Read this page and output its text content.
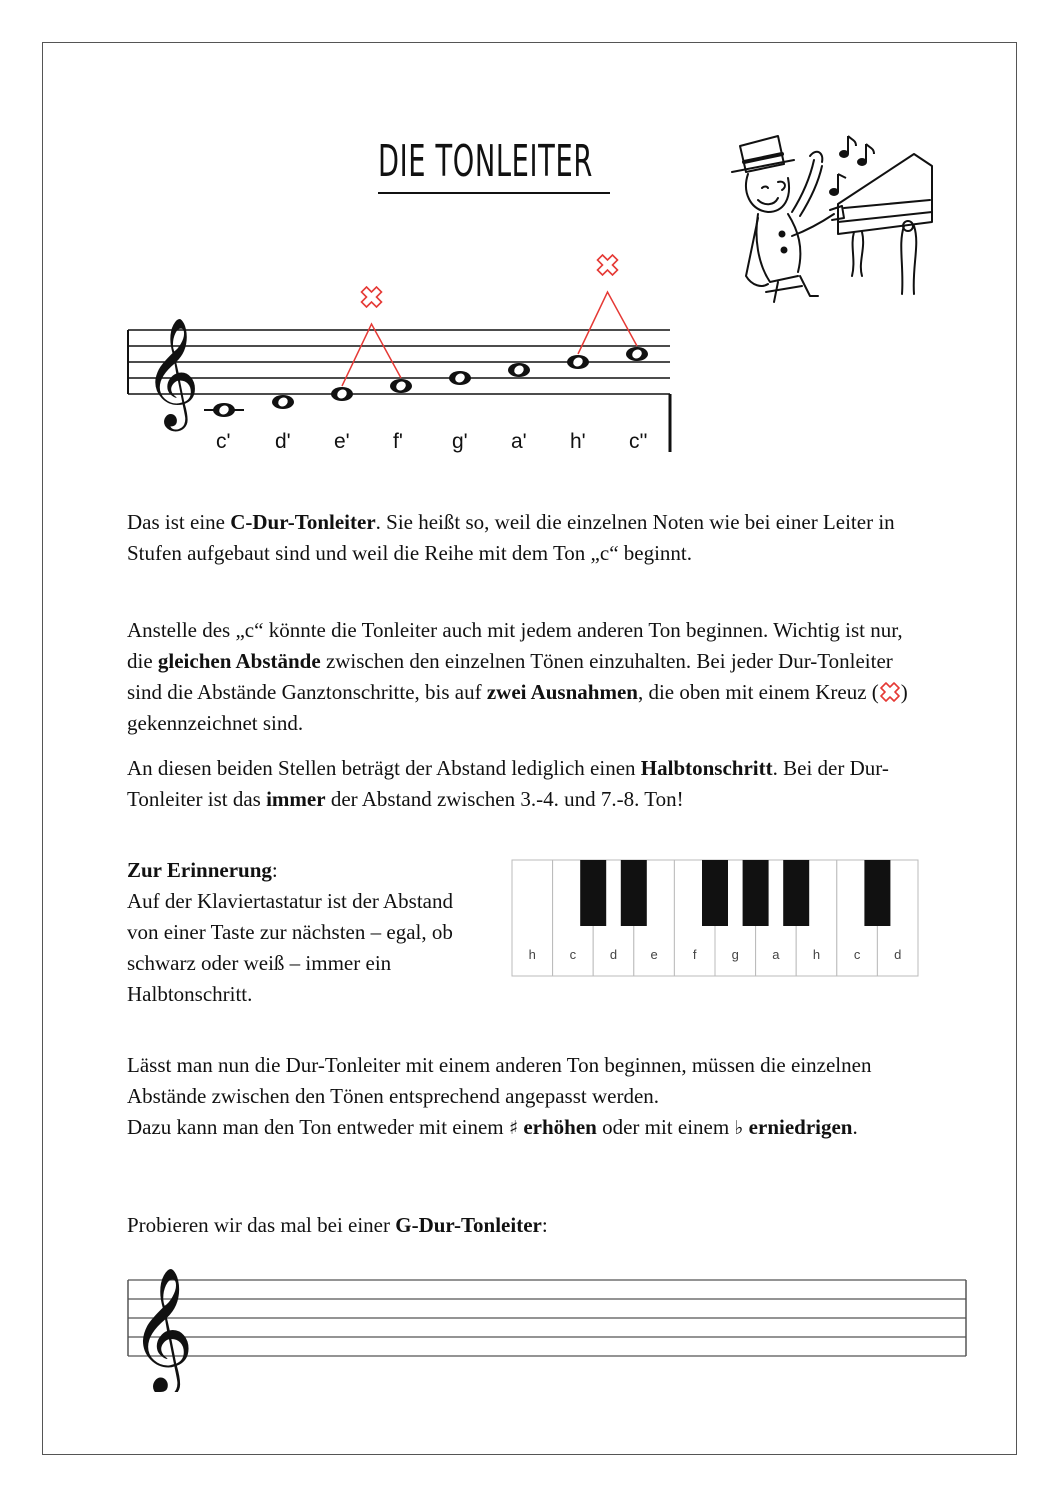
DIE TONLEITER
𝄞
c' d' e' f' g' a' h' c''

Das ist eine C-Dur-Tonleiter. Sie heißt so, weil die einzelnen Noten wie bei einer Leiter in Stufen aufgebaut sind und weil die Reihe mit dem Ton „c“ beginnt.

Anstelle des „c“ könnte die Tonleiter auch mit jedem anderen Ton beginnen. Wichtig ist nur, die gleichen Abstände zwischen den einzelnen Tönen einzuhalten. Bei jeder Dur-Tonleiter sind die Abstände Ganztonschritte, bis auf zwei Ausnahmen, die oben mit einem Kreuz ( ) gekennzeichnet sind.

An diesen beiden Stellen beträgt der Abstand lediglich einen Halbtonschritt. Bei der Dur-Tonleiter ist das immer der Abstand zwischen 3.-4. und 7.-8. Ton!

Zur Erinnerung:

Auf der Klaviertastatur ist der Abstand von einer Taste zur nächsten – egal, ob schwarz oder weiß – immer ein Halbtonschritt.

h	c	d	e	f	g	a	h	c	d

Lässt man nun die Dur-Tonleiter mit einem anderen Ton beginnen, müssen die einzelnen Abstände zwischen den Tönen entsprechend angepasst werden.

Dazu kann man den Ton entweder mit einem ♯ erhöhen oder mit einem ♭ erniedrigen.

Probieren wir das mal bei einer G-Dur-Tonleiter:

𝄞
